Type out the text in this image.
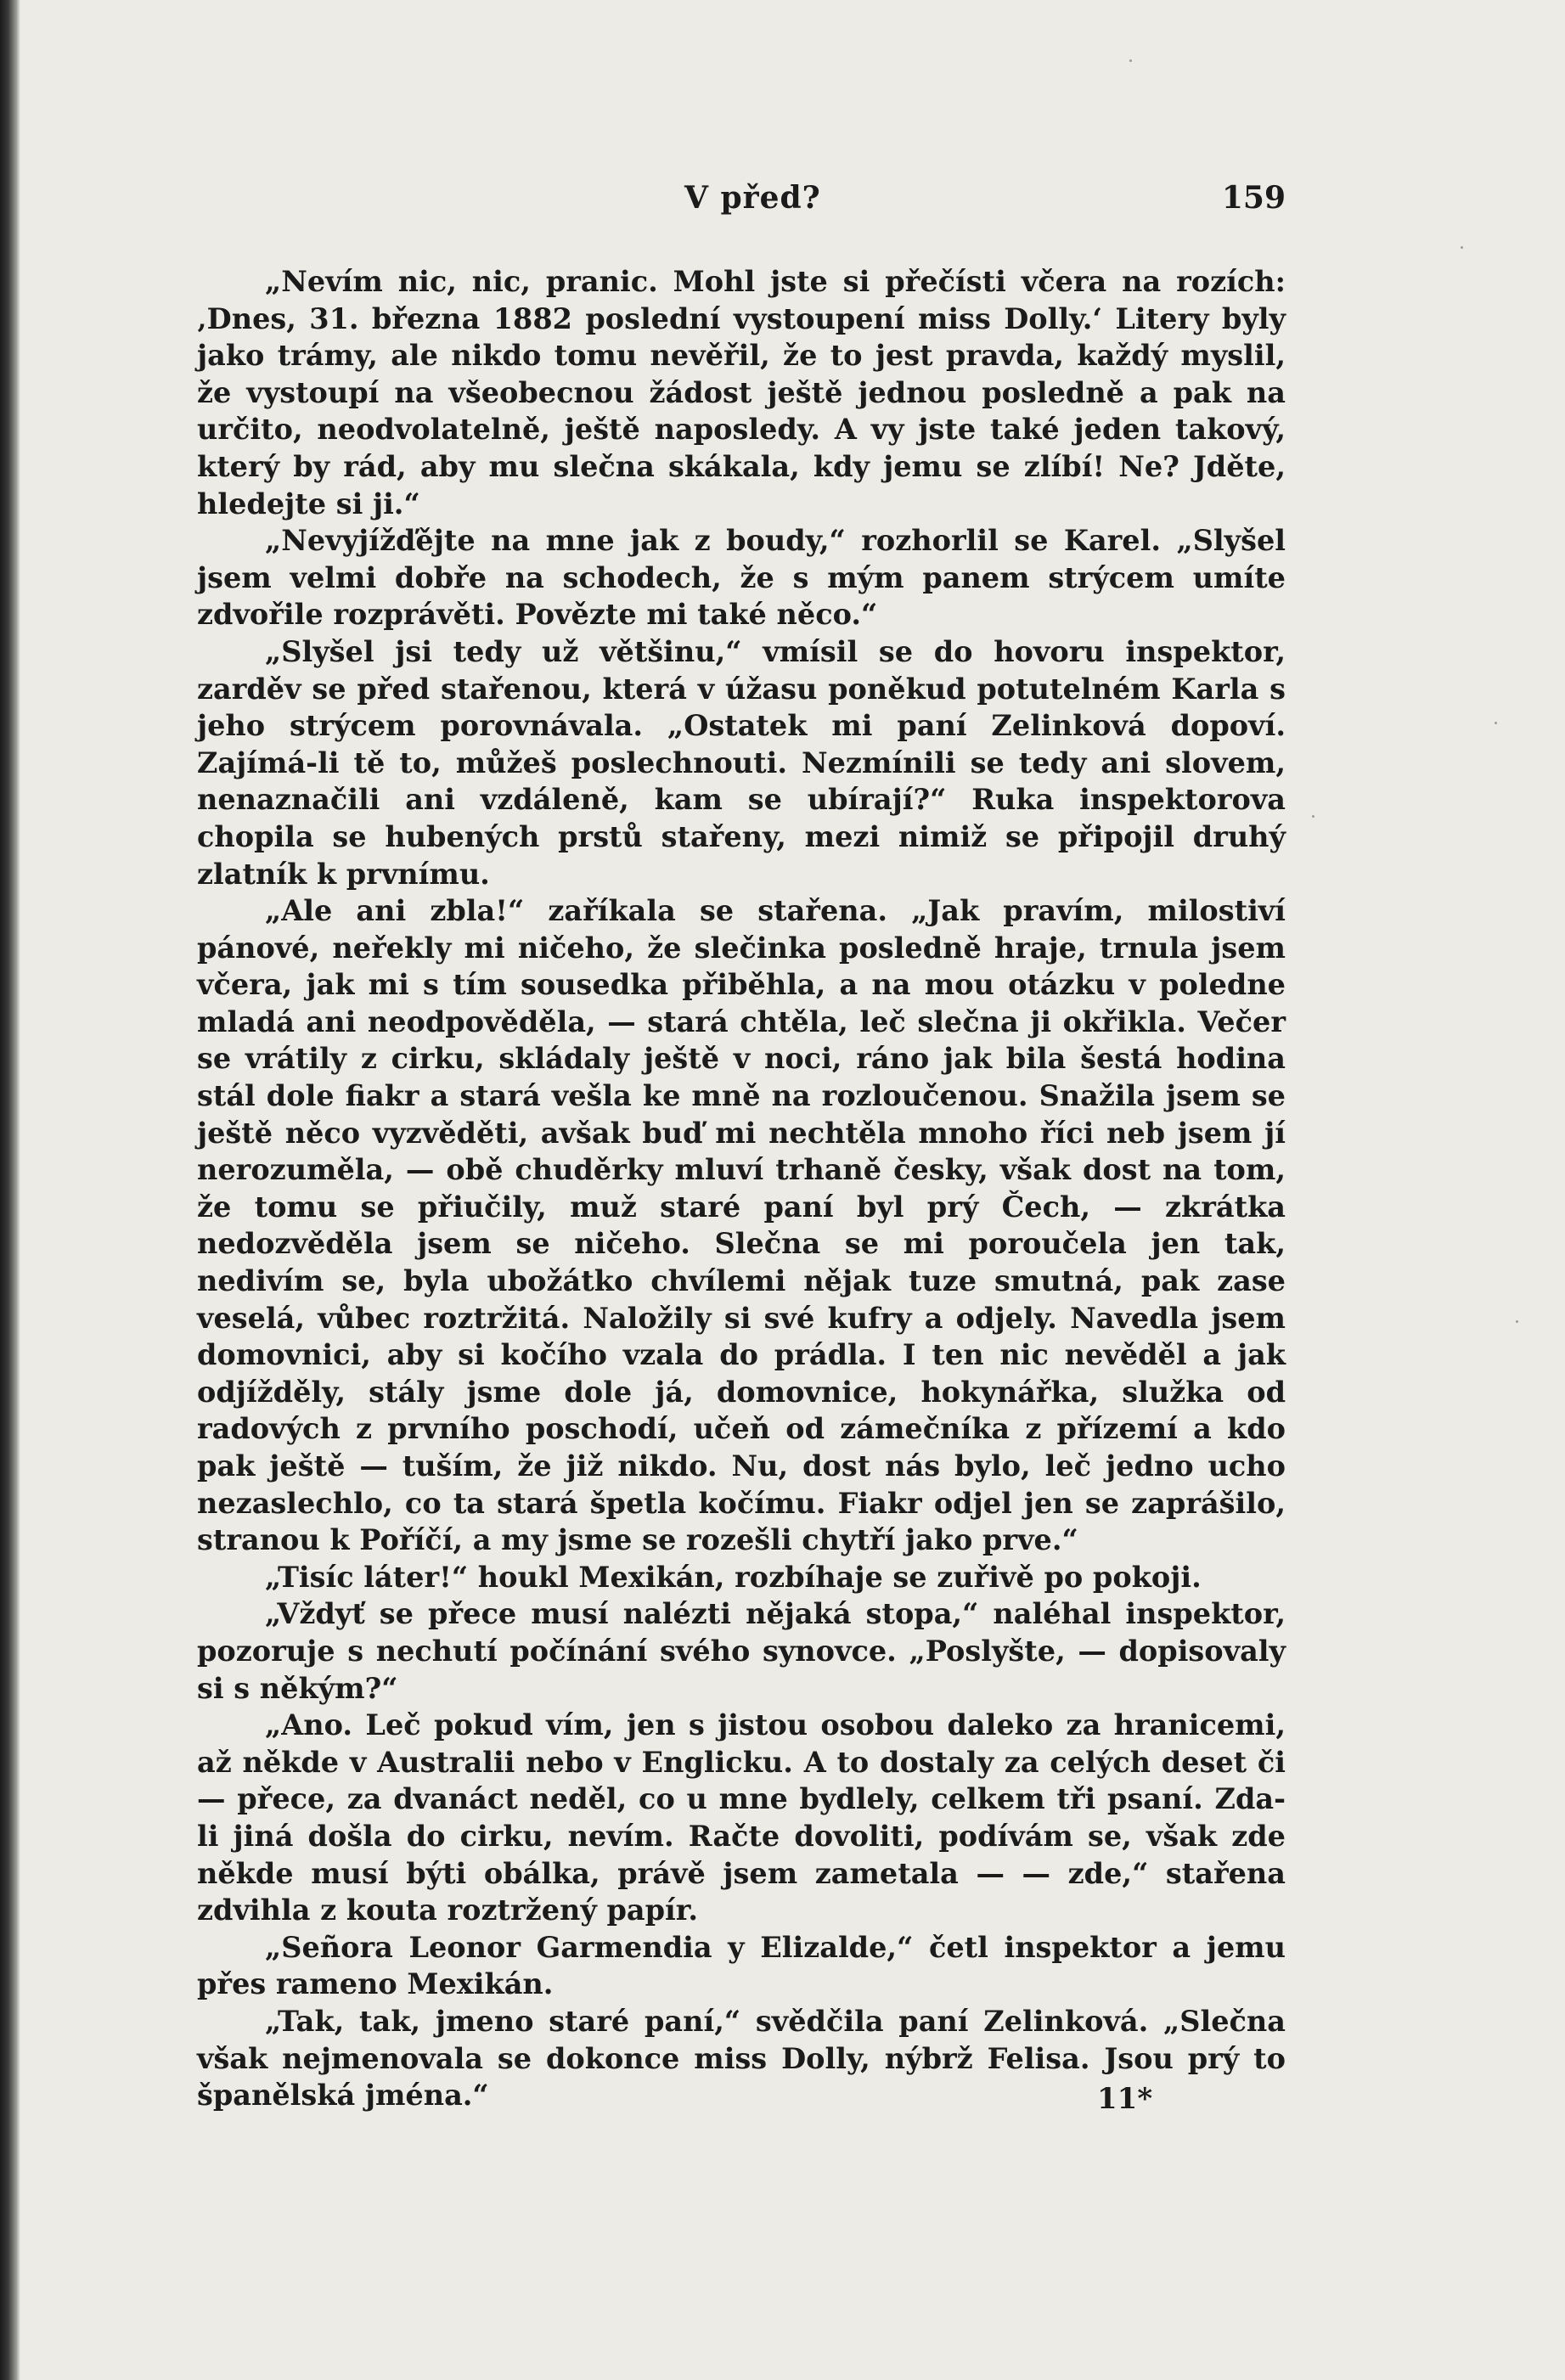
V před?	159

„Nevím nic, nic, pranic. Mohl jste si přečísti včera na rozích: ‚Dnes, 31. března 1882 poslední vystoupení miss Dolly.‘ Litery byly jako trámy, ale nikdo tomu nevěřil, že to jest pravda, každý myslil, že vystoupí na všeobecnou žádost ještě jednou posledně a pak na určito, neodvolatelně, ještě naposledy. A vy jste také jeden takový, který by rád, aby mu slečna skákala, kdy jemu se zlíbí! Ne? Jděte, hledejte si ji.“

„Nevyjížďějte na mne jak z boudy,“ rozhorlil se Karel. „Slyšel jsem velmi dobře na schodech, že s mým panem strýcem umíte zdvořile rozprávěti. Povězte mi také něco.“

„Slyšel jsi tedy už většinu,“ vmísil se do hovoru inspektor, zarděv se před stařenou, která v úžasu poněkud potutelném Karla s jeho strýcem porovnávala. „Ostatek mi paní Zelinková dopoví. Zajímá-li tě to, můžeš poslechnouti. Nezmínili se tedy ani slovem, nenaznačili ani vzdáleně, kam se ubírají?“ Ruka inspektorova chopila se hubených prstů stařeny, mezi nimiž se připojil druhý zlatník k prvnímu.

„Ale ani zbla!“ zaříkala se stařena. „Jak pravím, milostiví pánové, neřekly mi ničeho, že slečinka posledně hraje, trnula jsem včera, jak mi s tím sousedka přiběhla, a na mou otázku v poledne mladá ani neodpověděla, — stará chtěla, leč slečna ji okřikla. Večer se vrátily z cirku, skládaly ještě v noci, ráno jak bila šestá hodina stál dole fiakr a stará vešla ke mně na rozloučenou. Snažila jsem se ještě něco vyzvěděti, avšak buď mi nechtěla mnoho říci neb jsem jí nerozuměla, — obě chuděrky mluví trhaně česky, však dost na tom, že tomu se přiučily, muž staré paní byl prý Čech, — zkrátka nedozvěděla jsem se ničeho. Slečna se mi poroučela jen tak, nedivím se, byla ubožátko chvílemi nějak tuze smutná, pak zase veselá, vůbec roztržitá. Naložily si své kufry a odjely. Navedla jsem domovnici, aby si kočího vzala do prádla. I ten nic nevěděl a jak odjížděly, stály jsme dole já, domovnice, hokynářka, služka od radových z prvního poschodí, učeň od zámečníka z přízemí a kdo pak ještě — tuším, že již nikdo. Nu, dost nás bylo, leč jedno ucho nezaslechlo, co ta stará špetla kočímu. Fiakr odjel jen se zaprášilo, stranou k Poříčí, a my jsme se rozešli chytří jako prve.“

„Tisíc láter!“ houkl Mexikán, rozbíhaje se zuřivě po pokoji.

„Vždyť se přece musí nalézti nějaká stopa,“ naléhal inspektor, pozoruje s nechutí počínání svého synovce. „Poslyšte, — dopisovaly si s někým?“

„Ano. Leč pokud vím, jen s jistou osobou daleko za hranicemi, až někde v Australii nebo v Englicku. A to dostaly za celých deset či — přece, za dvanáct neděl, co u mne bydlely, celkem tři psaní. Zda-li jiná došla do cirku, nevím. Račte dovoliti, podívám se, však zde někde musí býti obálka, právě jsem zametala — — zde,“ stařena zdvihla z kouta roztržený papír.

„Señora Leonor Garmendia y Elizalde,“ četl inspektor a jemu přes rameno Mexikán.

„Tak, tak, jmeno staré paní,“ svědčila paní Zelinková. „Slečna však nejmenovala se dokonce miss Dolly, nýbrž Felisa. Jsou prý to španělská jména.“	11*
